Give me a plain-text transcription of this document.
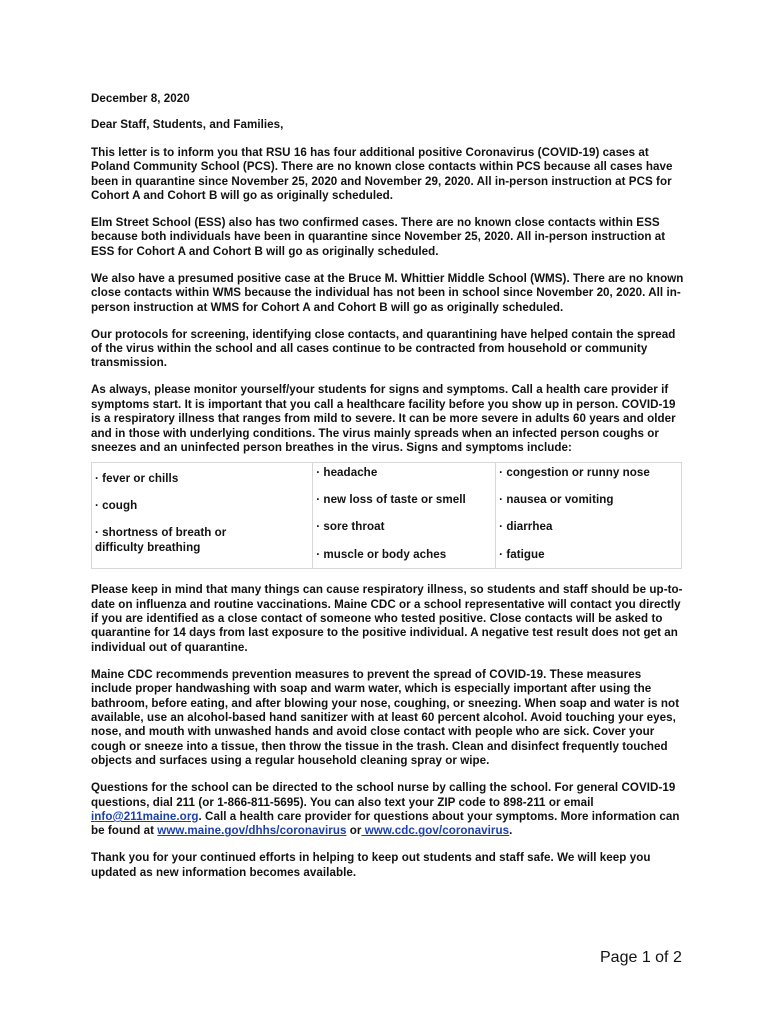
December 8, 2020

Dear Staff, Students, and Families,

This letter is to inform you that RSU 16 has four additional positive Coronavirus (COVID-19) cases at Poland Community School (PCS). There are no known close contacts within PCS because all cases have been in quarantine since November 25, 2020 and November 29, 2020. All in-person instruction at PCS for Cohort A and Cohort B will go as originally scheduled.

Elm Street School (ESS) also has two confirmed cases. There are no known close contacts within ESS because both individuals have been in quarantine since November 25, 2020. All in-person instruction at ESS for Cohort A and Cohort B will go as originally scheduled.

We also have a presumed positive case at the Bruce M. Whittier Middle School (WMS). There are no known close contacts within WMS because the individual has not been in school since November 20, 2020. All in-person instruction at WMS for Cohort A and Cohort B will go as originally scheduled.

Our protocols for screening, identifying close contacts, and quarantining have helped contain the spread of the virus within the school and all cases continue to be contracted from household or community transmission.

As always, please monitor yourself/your students for signs and symptoms. Call a health care provider if symptoms start. It is important that you call a healthcare facility before you show up in person. COVID-19 is a respiratory illness that ranges from mild to severe. It can be more severe in adults 60 years and older and in those with underlying conditions. The virus mainly spreads when an infected person coughs or sneezes and an uninfected person breathes in the virus. Signs and symptoms include:

· fever or chills
· cough
· shortness of breath or difficulty breathing

· headache
· new loss of taste or smell
· sore throat
· muscle or body aches

· congestion or runny nose
· nausea or vomiting
· diarrhea
· fatigue

Please keep in mind that many things can cause respiratory illness, so students and staff should be up-to-date on influenza and routine vaccinations. Maine CDC or a school representative will contact you directly if you are identified as a close contact of someone who tested positive. Close contacts will be asked to quarantine for 14 days from last exposure to the positive individual. A negative test result does not get an individual out of quarantine.

Maine CDC recommends prevention measures to prevent the spread of COVID-19. These measures include proper handwashing with soap and warm water, which is especially important after using the bathroom, before eating, and after blowing your nose, coughing, or sneezing. When soap and water is not available, use an alcohol-based hand sanitizer with at least 60 percent alcohol. Avoid touching your eyes, nose, and mouth with unwashed hands and avoid close contact with people who are sick. Cover your cough or sneeze into a tissue, then throw the tissue in the trash. Clean and disinfect frequently touched objects and surfaces using a regular household cleaning spray or wipe.

Questions for the school can be directed to the school nurse by calling the school. For general COVID-19 questions, dial 211 (or 1-866-811-5695). You can also text your ZIP code to 898-211 or email info@211maine.org. Call a health care provider for questions about your symptoms. More information can be found at www.maine.gov/dhhs/coronavirus or www.cdc.gov/coronavirus.

Thank you for your continued efforts in helping to keep out students and staff safe. We will keep you updated as new information becomes available.

Page 1 of 2
